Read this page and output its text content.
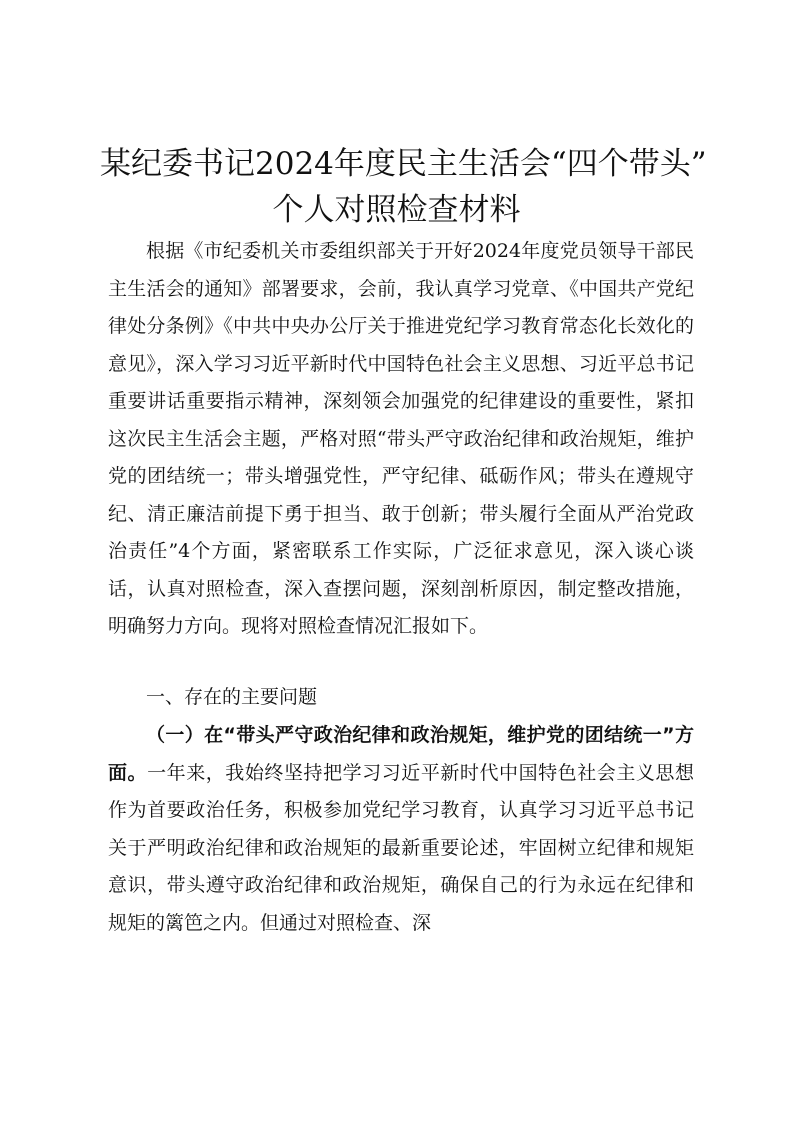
某纪委书记2024年度民主生活会“四个带头”
个人对照检查材料

根据《市纪委机关市委组织部关于开好2024年度党员领导干部民主生活会的通知》部署要求，会前，我认真学习党章、《中国共产党纪律处分条例》《中共中央办公厅关于推进党纪学习教育常态化长效化的意见》，深入学习习近平新时代中国特色社会主义思想、习近平总书记重要讲话重要指示精神，深刻领会加强党的纪律建设的重要性，紧扣这次民主生活会主题，严格对照“带头严守政治纪律和政治规矩，维护党的团结统一；带头增强党性，严守纪律、砥砺作风；带头在遵规守纪、清正廉洁前提下勇于担当、敢于创新；带头履行全面从严治党政治责任”4个方面，紧密联系工作实际，广泛征求意见，深入谈心谈话，认真对照检查，深入查摆问题，深刻剖析原因，制定整改措施，明确努力方向。现将对照检查情况汇报如下。

一、存在的主要问题

（一）在“带头严守政治纪律和政治规矩，维护党的团结统一”方面。一年来，我始终坚持把学习习近平新时代中国特色社会主义思想作为首要政治任务，积极参加党纪学习教育，认真学习习近平总书记关于严明政治纪律和政治规矩的最新重要论述，牢固树立纪律和规矩意识，带头遵守政治纪律和政治规矩，确保自己的行为永远在纪律和规矩的篱笆之内。但通过对照检查、深
